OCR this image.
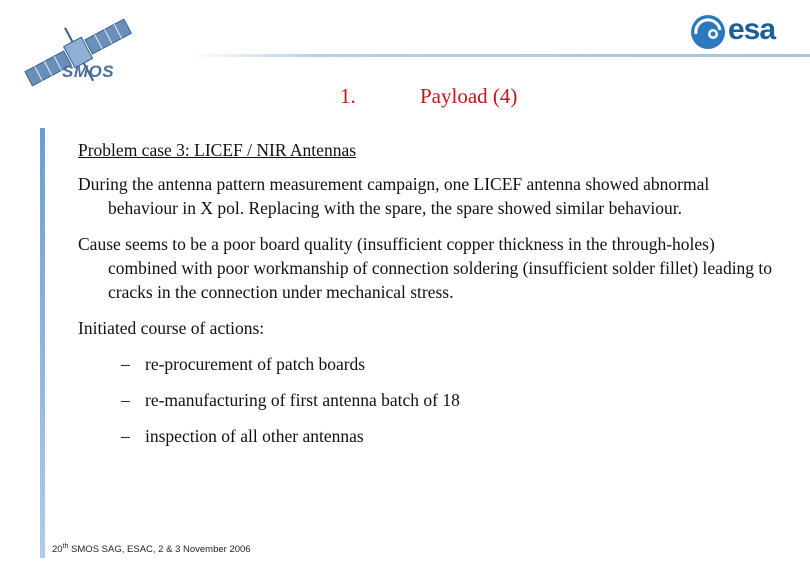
SMOS
esa
1.	Payload (4)
Problem case 3: LICEF / NIR Antennas
During the antenna pattern measurement campaign, one LICEF antenna showed abnormal behaviour in X pol. Replacing with the spare, the spare showed similar behaviour.
Cause seems to be a poor board quality (insufficient copper thickness in the through-holes) combined with poor workmanship of connection soldering (insufficient solder fillet) leading to cracks in the connection under mechanical stress.
Initiated course of actions:
– re-procurement of patch boards
– re-manufacturing of first antenna batch of 18
– inspection of all other antennas
20th SMOS SAG, ESAC, 2 & 3 November 2006
